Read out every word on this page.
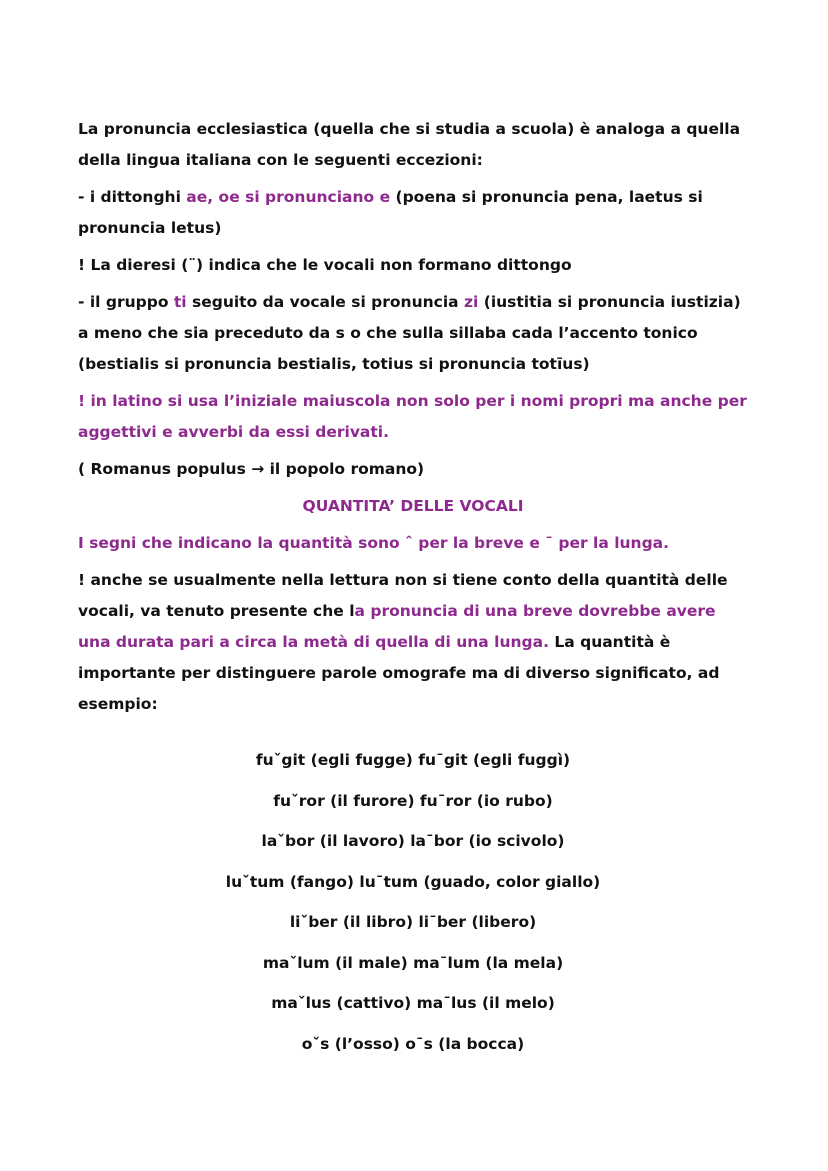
La pronuncia ecclesiastica (quella che si studia a scuola) è analoga a quella

della lingua italiana con le seguenti eccezioni:

- i dittonghi ae, oe si pronunciano e (poena si pronuncia pena, laetus si

pronuncia letus)

! La dieresi (¨) indica che le vocali non formano dittongo

- il gruppo ti seguito da vocale si pronuncia zi (iustitia si pronuncia iustizia)

a meno che sia preceduto da s o che sulla sillaba cada l’accento tonico

(bestialis si pronuncia bestialis, totius si pronuncia totīus)

! in latino si usa l’iniziale maiuscola non solo per i nomi propri ma anche per

aggettivi e avverbi da essi derivati.

( Romanus populus → il popolo romano)

QUANTITA’ DELLE VOCALI

I segni che indicano la quantità sono ˆ per la breve e ˉ per la lunga.

! anche se usualmente nella lettura non si tiene conto della quantità delle

vocali, va tenuto presente che la pronuncia di una breve dovrebbe avere

una durata pari a circa la metà di quella di una lunga. La quantità è

importante per distinguere parole omografe ma di diverso significato, ad

esempio:

fuˇgit (egli fugge) fuˉgit (egli fuggì)

fuˇror (il furore) fuˉror (io rubo)

laˇbor (il lavoro) laˉbor (io scivolo)

luˇtum (fango) luˉtum (guado, color giallo)

liˇber (il libro) liˉber (libero)

maˇlum (il male) maˉlum (la mela)

maˇlus (cattivo) maˉlus (il melo)

oˇs (l’osso) oˉs (la bocca)
